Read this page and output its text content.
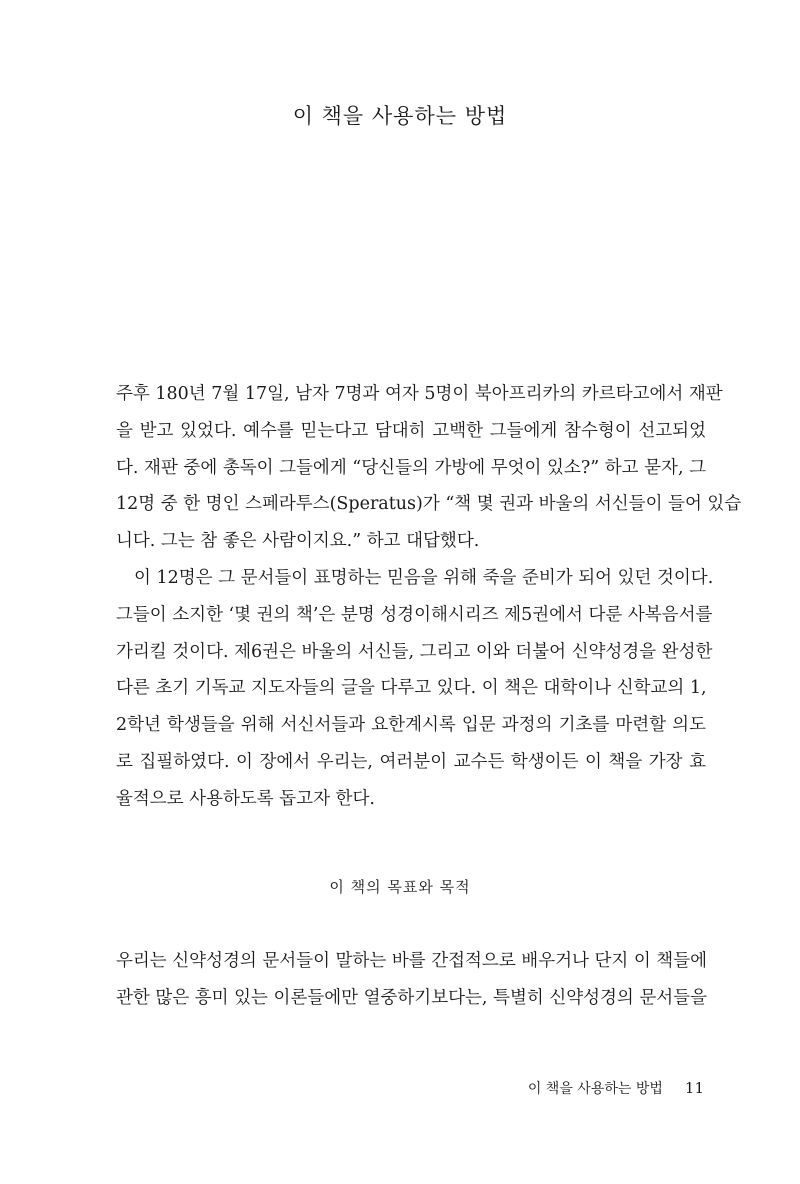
이 책을 사용하는 방법
주후 180년 7월 17일, 남자 7명과 여자 5명이 북아프리카의 카르타고에서 재판
을 받고 있었다. 예수를 믿는다고 담대히 고백한 그들에게 참수형이 선고되었
다. 재판 중에 총독이 그들에게 “당신들의 가방에 무엇이 있소?” 하고 묻자, 그
12명 중 한 명인 스페라투스(Speratus)가 “책 몇 권과 바울의 서신들이 들어 있습
니다. 그는 참 좋은 사람이지요.” 하고 대답했다.
이 12명은 그 문서들이 표명하는 믿음을 위해 죽을 준비가 되어 있던 것이다.
그들이 소지한 ‘몇 권의 책’은 분명 성경이해시리즈 제5권에서 다룬 사복음서를
가리킬 것이다. 제6권은 바울의 서신들, 그리고 이와 더불어 신약성경을 완성한
다른 초기 기독교 지도자들의 글을 다루고 있다. 이 책은 대학이나 신학교의 1,
2학년 학생들을 위해 서신서들과 요한계시록 입문 과정의 기초를 마련할 의도
로 집필하였다. 이 장에서 우리는, 여러분이 교수든 학생이든 이 책을 가장 효
율적으로 사용하도록 돕고자 한다.
이 책의 목표와 목적
우리는 신약성경의 문서들이 말하는 바를 간접적으로 배우거나 단지 이 책들에
관한 많은 흥미 있는 이론들에만 열중하기보다는, 특별히 신약성경의 문서들을
이 책을 사용하는 방법 11
